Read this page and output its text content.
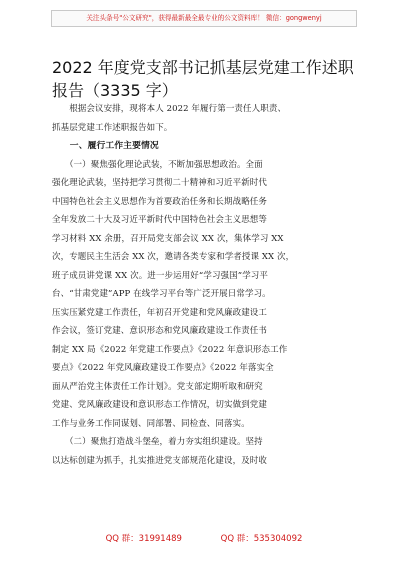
关注头条号"公文研究"，获得最新最全最专业的公文资料库！ 微信：gongwenyj
2022 年度党支部书记抓基层党建工作述职
报告（3335 字）

　　根据会议安排，现将本人 2022 年履行第一责任人职责、
抓基层党建工作述职报告如下。

　　一、履行工作主要情况

　　（一）聚焦强化理论武装，不断加强思想政治。全面
强化理论武装，坚持把学习贯彻二十精神和习近平新时代
中国特色社会主义思想作为首要政治任务和长期战略任务
全年发放二十大及习近平新时代中国特色社会主义思想等
学习材料 XX 余册，召开局党支部会议 XX 次，集体学习 XX
次，专题民主生活会 XX 次，邀请各类专家和学者授课 XX 次，
班子成员讲党课 XX 次。进一步运用好“学习强国”学习平
台、“甘肃党建”APP 在线学习平台等广泛开展日常学习。
压实压紧党建工作责任，年初召开党建和党风廉政建设工
作会议，签订党建、意识形态和党风廉政建设工作责任书
制定 XX 局《2022 年党建工作要点》《2022 年意识形态工作
要点》《2022 年党风廉政建设工作要点》《2022 年落实全
面从严治党主体责任工作计划》。党支部定期听取和研究
党建、党风廉政建设和意识形态工作情况，切实做到党建
工作与业务工作同谋划、同部署、同检查、同落实。

　　（二）聚焦打造战斗堡垒，着力夯实组织建设。坚持
以达标创建为抓手，扎实推进党支部规范化建设，及时收

QQ 群：31991489	QQ 群：535304092
